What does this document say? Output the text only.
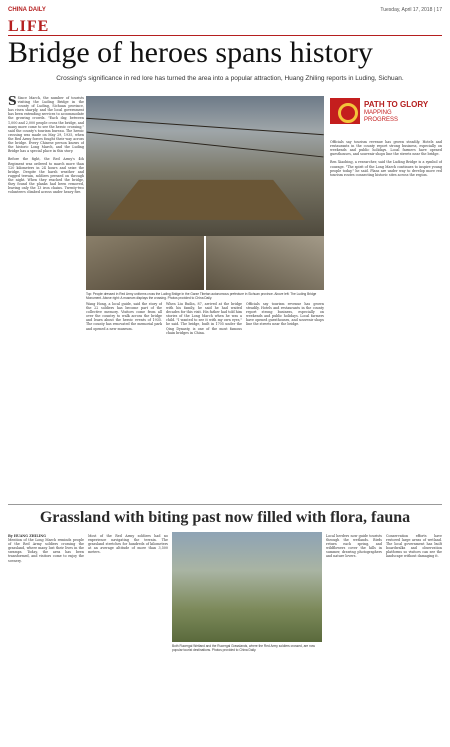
CHINA DAILY	Tuesday, April 17, 2018 | 17
LIFE
Bridge of heroes spans history
Crossing's significance in red lore has turned the area into a popular attraction, Huang Zhiling reports in Luding, Sichuan.
S Since March, the number of tourists visiting the Luding Bridge in the county of Luding, Sichuan province, has risen sharply, and the local government has been extending services to accommodate the growing crowds. "Each day, between 1,000 and 2,000 people cross the bridge, and many more come to see the heroic crossing," said the county's tourism bureau. The heroic crossing was made on May 29, 1935, when the Red Army forces fought their way across the bridge. Every Chinese person knows of the historic Long March, and the Luding Bridge has a special place in this story.

Before the fight, the Red Army's 4th Regiment was ordered to march more than 120 kilometers in 24 hours and seize the bridge. Despite the harsh weather and rugged terrain, soldiers pressed on through the night. When they reached the bridge, they found the planks had been removed, leaving only the 13 iron chains. Twenty-two volunteers climbed across under heavy fire.
Top: People dressed in Red Army uniforms cross the Luding Bridge in the Garze Tibetan autonomous prefecture in Sichuan province. Above left: The Luding Bridge Monument. Above right: A museum displays the crossing. Photos provided to China Daily.
PATH TO GLORY
MAPPING
PROGRESS
Officials say tourism revenue has grown steadily. Hotels and restaurants in the county report strong business, especially on weekends and public holidays. Local farmers have opened guesthouses, and souvenir shops line the streets near the bridge.

Ren Xiaobing, a researcher, said the Luding Bridge is a symbol of courage. "The spirit of the Long March continues to inspire young people today," he said. Plans are under way to develop more red tourism routes connecting historic sites across the region.
Wang Hong, a local guide, said the story of the 22 soldiers has become part of the collective memory. Visitors come from all over the country to walk across the bridge and learn about the heroic events of 1935. The county has renovated the memorial park and opened a new museum.
When Liu Ruilin, 87, arrived at the bridge with his family, he said he had waited decades for this visit. His father had told him stories of the Long March when he was a child. "I wanted to see it with my own eyes," he said. The bridge, built in 1705 under the Qing Dynasty, is one of the most famous chain bridges in China.
Officials say tourism revenue has grown steadily. Hotels and restaurants in the county report strong business, especially on weekends and public holidays. Local farmers have opened guesthouses, and souvenir shops line the streets near the bridge.
Grassland with biting past now filled with flora, fauna
By HUANG ZHILING
Mention of the Long March reminds people of the Red Army soldiers crossing the grassland, where many lost their lives in the swamps. Today, the area has been transformed, and visitors come to enjoy the scenery.
Most of the Red Army soldiers had no experience navigating the terrain. The grassland stretches for hundreds of kilometers at an average altitude of more than 3,500 meters.
Both Ruoergai Wetland and the Ruoergai Grasslands, where the Red Army soldiers crossed, are now popular tourist destinations. Photos provided to China Daily.
Local herders now guide tourists through the wetlands. Birds return each spring, and wildflowers cover the hills in summer, drawing photographers and nature lovers.
Conservation efforts have restored large areas of wetland. The local government has built boardwalks and observation platforms so visitors can see the landscape without damaging it.
